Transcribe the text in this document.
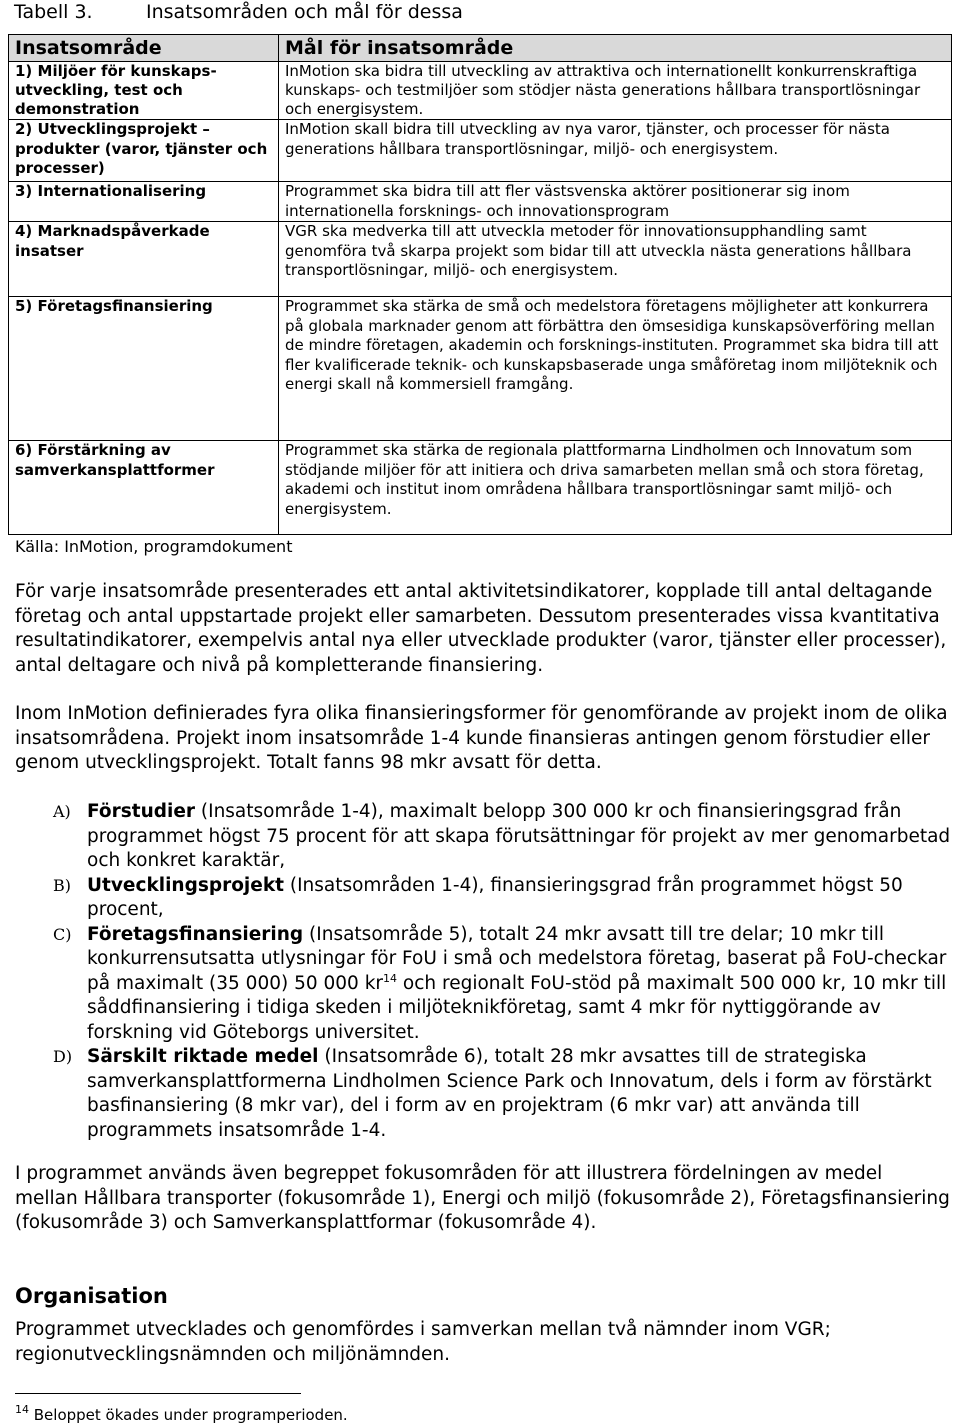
Tabell 3.	Insatsområden och mål för dessa
Insatsområde	Mål för insatsområde
1) Miljöer för kunskaps-utveckling, test och demonstration	InMotion ska bidra till utveckling av attraktiva och internationellt konkurrenskraftiga kunskaps- och testmiljöer som stödjer nästa generations hållbara transportlösningar och energisystem.
2) Utvecklingsprojekt – produkter (varor, tjänster och processer)	InMotion skall bidra till utveckling av nya varor, tjänster, och processer för nästa generations hållbara transportlösningar, miljö- och energisystem.
3) Internationalisering	Programmet ska bidra till att fler västsvenska aktörer positionerar sig inom internationella forsknings- och innovationsprogram
4) Marknadspåverkade insatser	VGR ska medverka till att utveckla metoder för innovationsupphandling samt genomföra två skarpa projekt som bidar till att utveckla nästa generations hållbara transportlösningar, miljö- och energisystem.
5) Företagsfinansiering	Programmet ska stärka de små och medelstora företagens möjligheter att konkurrera på globala marknader genom att förbättra den ömsesidiga kunskapsöverföring mellan de mindre företagen, akademin och forsknings-instituten. Programmet ska bidra till att fler kvalificerade teknik- och kunskapsbaserade unga småföretag inom miljöteknik och energi skall nå kommersiell framgång.
6) Förstärkning av samverkansplattformer	Programmet ska stärka de regionala plattformarna Lindholmen och Innovatum som stödjande miljöer för att initiera och driva samarbeten mellan små och stora företag, akademi och institut inom områdena hållbara transportlösningar samt miljö- och energisystem.
Källa: InMotion, programdokument

För varje insatsområde presenterades ett antal aktivitetsindikatorer, kopplade till antal deltagande företag och antal uppstartade projekt eller samarbeten. Dessutom presenterades vissa kvantitativa resultatindikatorer, exempelvis antal nya eller utvecklade produkter (varor, tjänster eller processer), antal deltagare och nivå på kompletterande finansiering.

Inom InMotion definierades fyra olika finansieringsformer för genomförande av projekt inom de olika insatsområdena. Projekt inom insatsområde 1-4 kunde finansieras antingen genom förstudier eller genom utvecklingsprojekt. Totalt fanns 98 mkr avsatt för detta.

A) Förstudier (Insatsområde 1-4), maximalt belopp 300 000 kr och finansieringsgrad från programmet högst 75 procent för att skapa förutsättningar för projekt av mer genomarbetad och konkret karaktär,
B) Utvecklingsprojekt (Insatsområden 1-4), finansieringsgrad från programmet högst 50 procent,
C) Företagsfinansiering (Insatsområde 5), totalt 24 mkr avsatt till tre delar; 10 mkr till konkurrensutsatta utlysningar för FoU i små och medelstora företag, baserat på FoU-checkar på maximalt (35 000) 50 000 $kr^{14}$ och regionalt FoU-stöd på maximalt 500 000 kr, 10 mkr till såddfinansiering i tidiga skeden i miljöteknikföretag, samt 4 mkr för nyttiggörande av forskning vid Göteborgs universitet.
D) Särskilt riktade medel (Insatsområde 6), totalt 28 mkr avsattes till de strategiska samverkansplattformerna Lindholmen Science Park och Innovatum, dels i form av förstärkt basfinansiering (8 mkr var), del i form av en projektram (6 mkr var) att använda till programmets insatsområde 1-4.

I programmet används även begreppet fokusområden för att illustrera fördelningen av medel mellan Hållbara transporter (fokusområde 1), Energi och miljö (fokusområde 2), Företagsfinansiering (fokusområde 3) och Samverkansplattformar (fokusområde 4).

Organisation

Programmet utvecklades och genomfördes i samverkan mellan två nämnder inom VGR; regionutvecklingsnämnden och miljönämnden.

$^{14}$ Beloppet ökades under programperioden.
